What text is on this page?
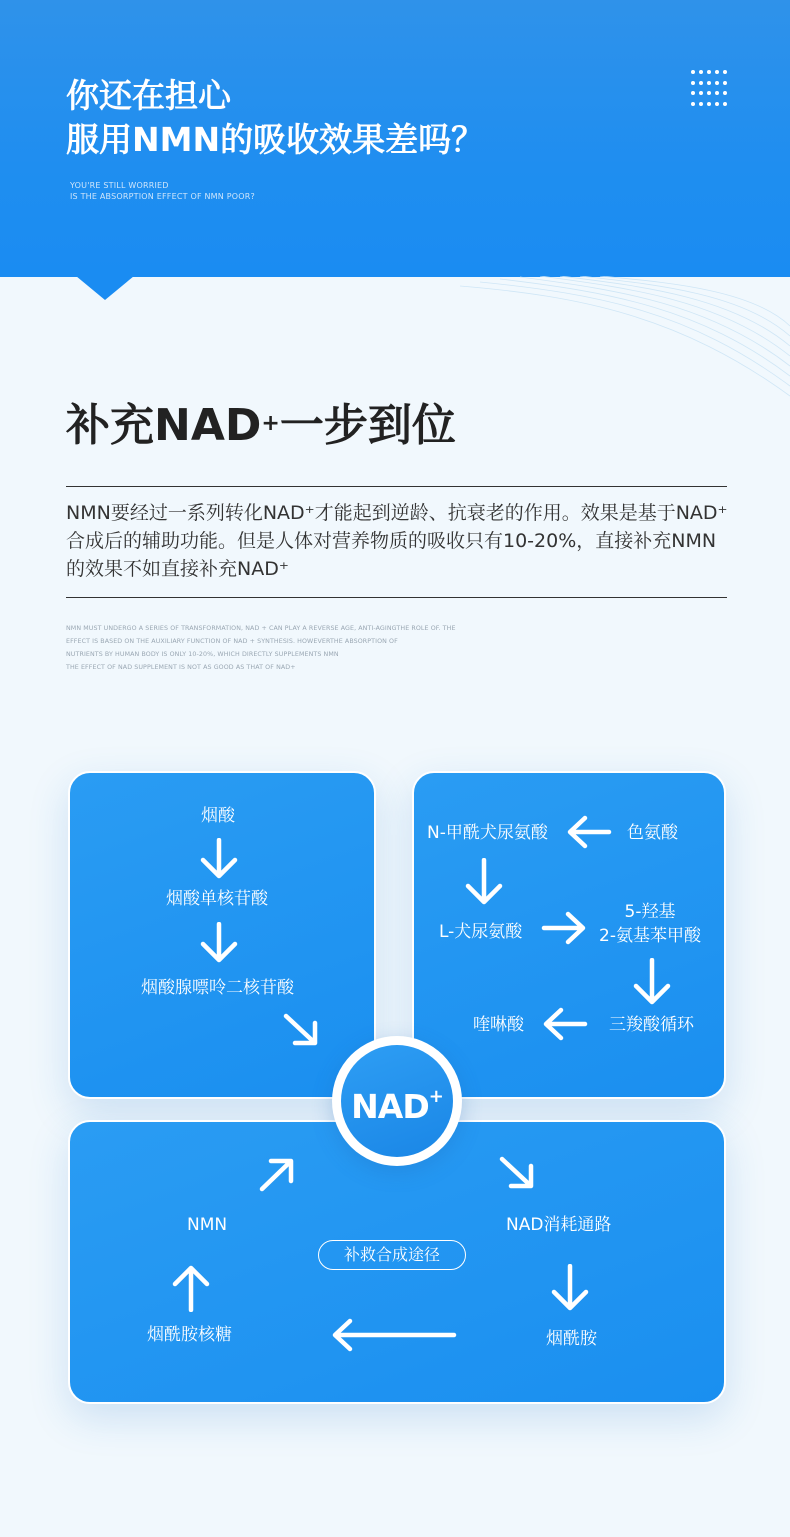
你还在担心
服用NMN的吸收效果差吗？
YOU'RE STILL WORRIED
IS THE ABSORPTION EFFECT OF NMN POOR?
补充NAD+一步到位
NMN要经过一系列转化NAD⁺才能起到逆龄、抗衰老的作用。效果是基于NAD⁺合成后的辅助功能。但是人体对营养物质的吸收只有10-20%，直接补充NMN的效果不如直接补充NAD⁺
NMN MUST UNDERGO A SERIES OF TRANSFORMATION, NAD + CAN PLAY A REVERSE AGE, ANTI-AGINGTHE ROLE OF. THE
EFFECT IS BASED ON THE AUXILIARY FUNCTION OF NAD + SYNTHESIS. HOWEVERTHE ABSORPTION OF
NUTRIENTS BY HUMAN BODY IS ONLY 10-20%, WHICH DIRECTLY SUPPLEMENTS NMN
THE EFFECT OF NAD SUPPLEMENT IS NOT AS GOOD AS THAT OF NAD+
烟酸
烟酸单核苷酸
烟酸腺嘌呤二核苷酸
N-甲酰犬尿氨酸	色氨酸
L-犬尿氨酸
5-羟基
2-氨基苯甲酸
喹啉酸	三羧酸循环
NMN	NAD消耗通路
补救合成途径
烟酰胺核糖	烟酰胺
NAD+
